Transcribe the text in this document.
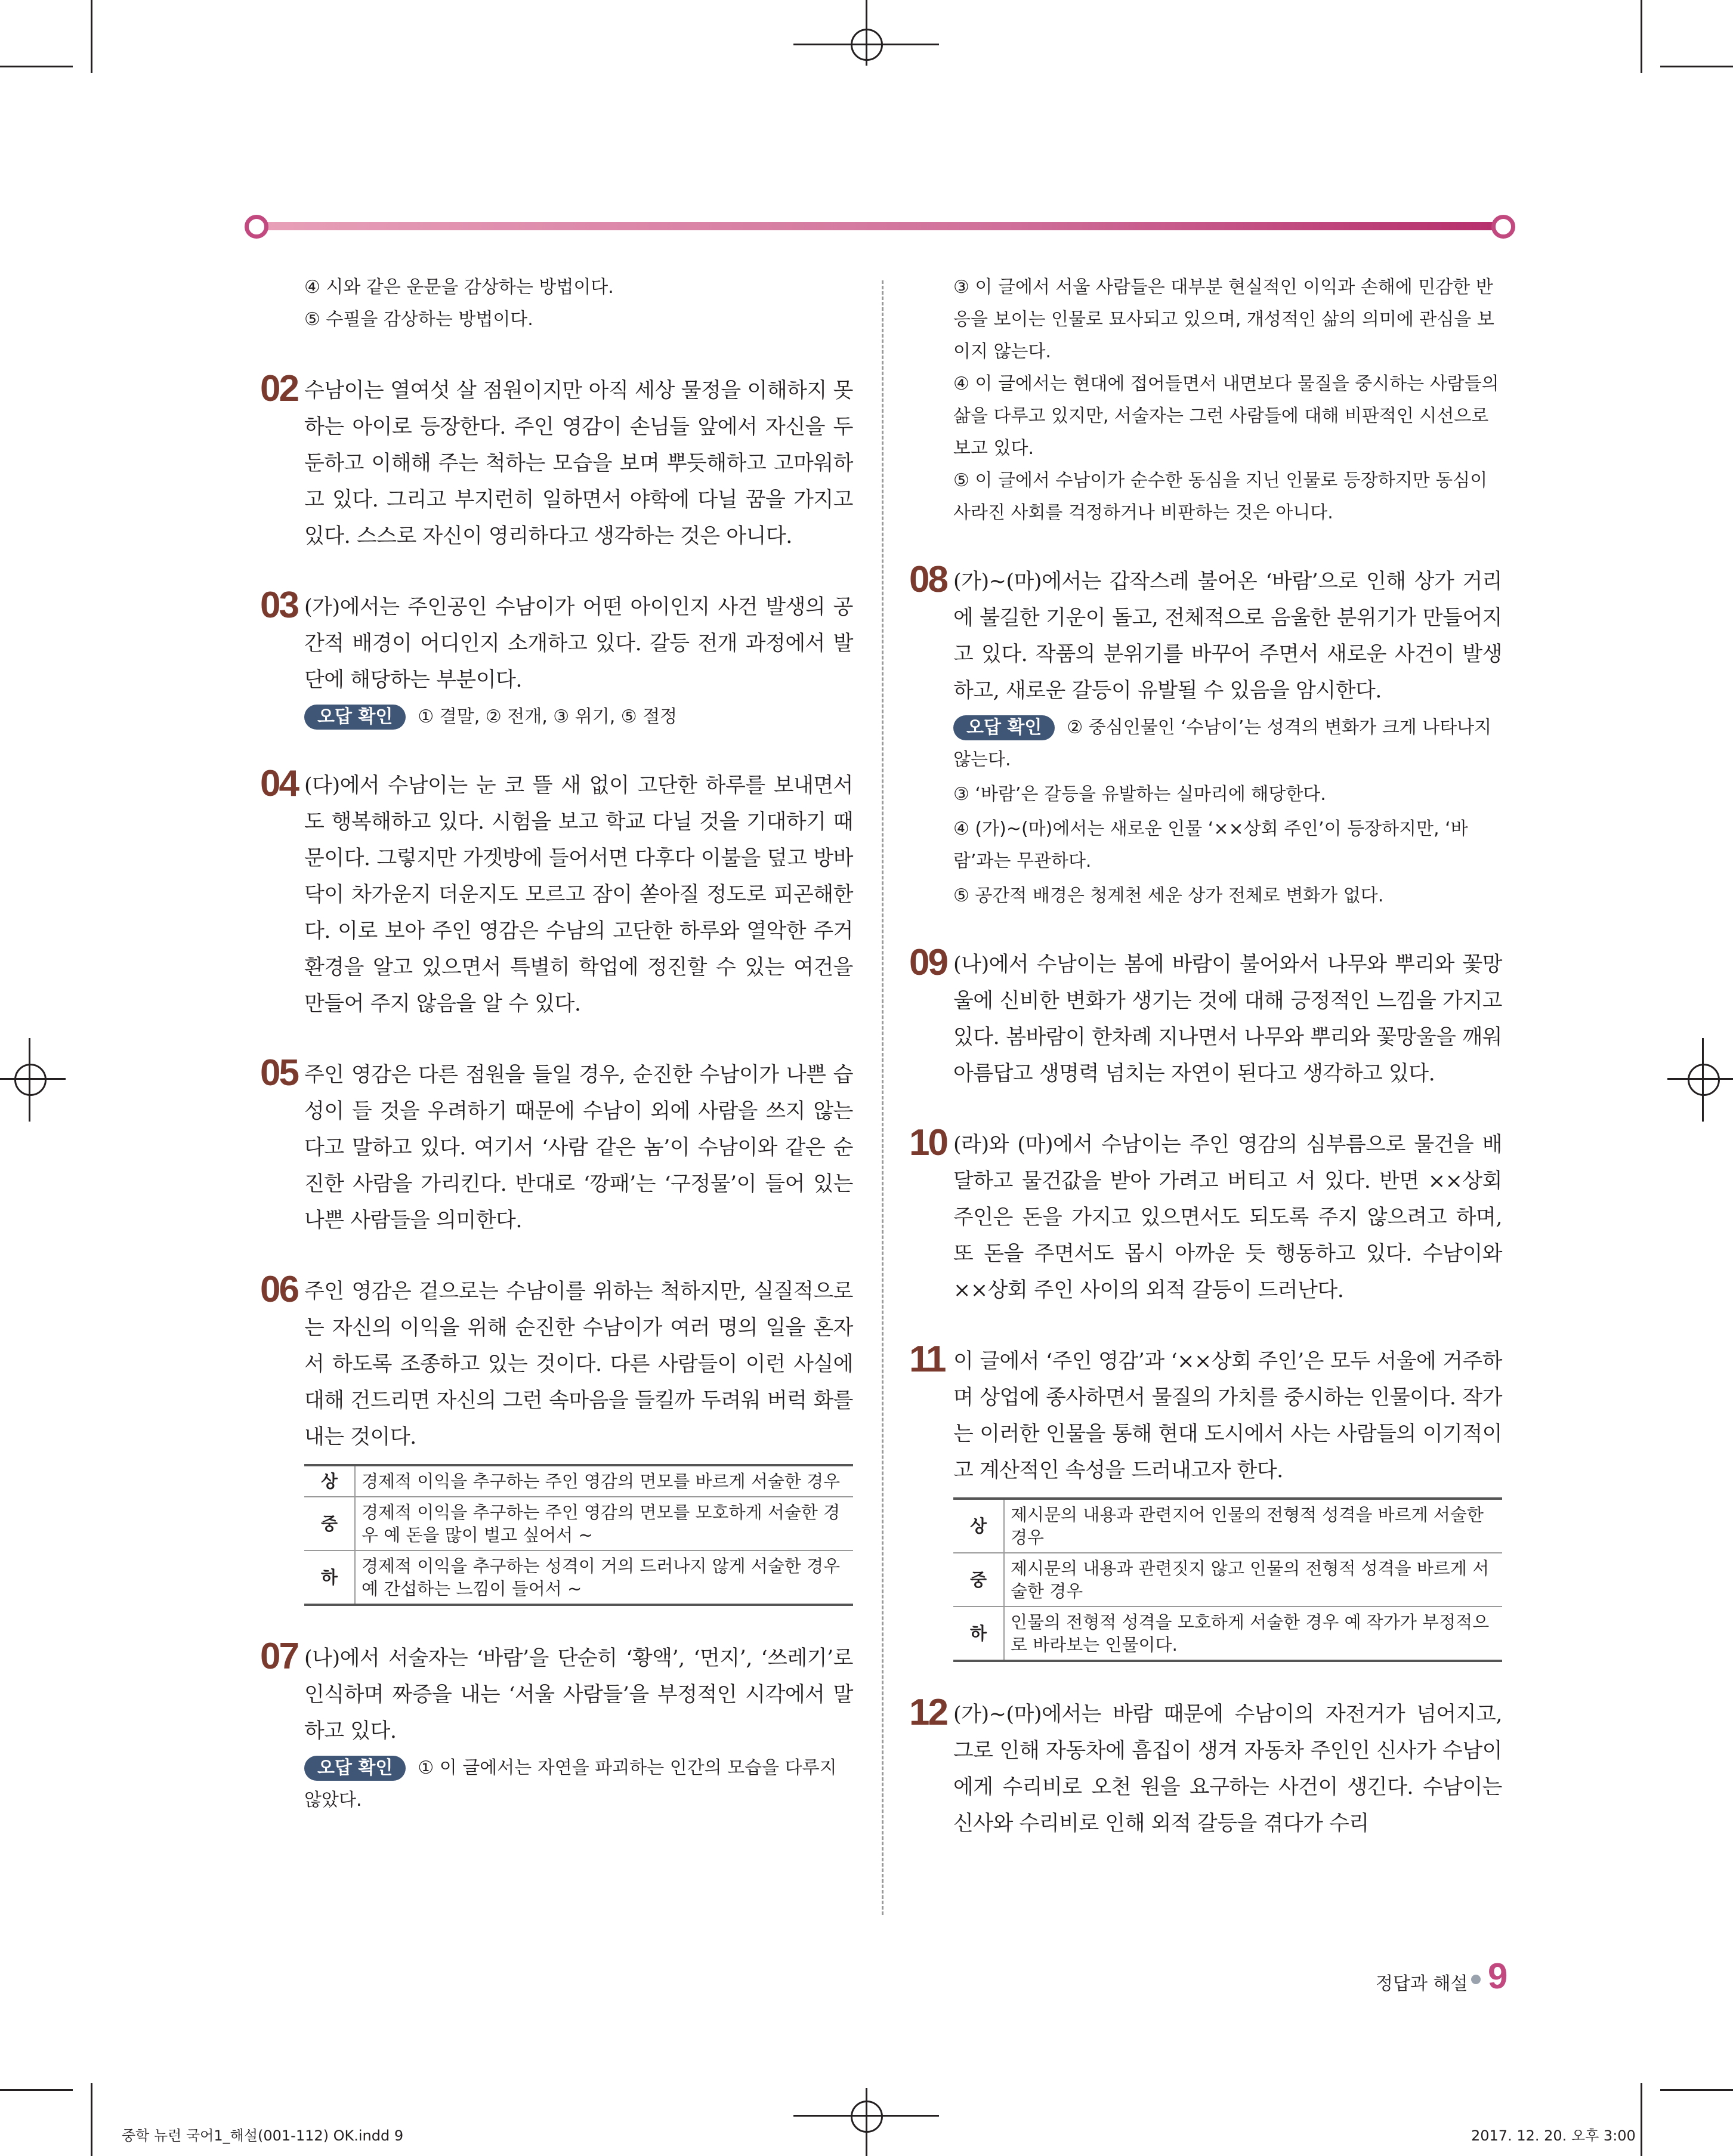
④ 시와 같은 운문을 감상하는 방법이다.
⑤ 수필을 감상하는 방법이다.
02 수남이는 열여섯 살 점원이지만 아직 세상 물정을 이해하지 못하는 아이로 등장한다. 주인 영감이 손님들 앞에서 자신을 두둔하고 이해해 주는 척하는 모습을 보며 뿌듯해하고 고마워하고 있다. 그리고 부지런히 일하면서 야학에 다닐 꿈을 가지고 있다. 스스로 자신이 영리하다고 생각하는 것은 아니다.
03 (가)에서는 주인공인 수남이가 어떤 아이인지 사건 발생의 공간적 배경이 어디인지 소개하고 있다. 갈등 전개 과정에서 발단에 해당하는 부분이다.
오답 확인 ① 결말, ② 전개, ③ 위기, ⑤ 절정
04 (다)에서 수남이는 눈 코 뜰 새 없이 고단한 하루를 보내면서도 행복해하고 있다. 시험을 보고 학교 다닐 것을 기대하기 때문이다. 그렇지만 가겟방에 들어서면 다후다 이불을 덮고 방바닥이 차가운지 더운지도 모르고 잠이 쏟아질 정도로 피곤해한다. 이로 보아 주인 영감은 수남의 고단한 하루와 열악한 주거 환경을 알고 있으면서 특별히 학업에 정진할 수 있는 여건을 만들어 주지 않음을 알 수 있다.
05 주인 영감은 다른 점원을 들일 경우, 순진한 수남이가 나쁜 습성이 들 것을 우려하기 때문에 수남이 외에 사람을 쓰지 않는다고 말하고 있다. 여기서 ‘사람 같은 놈’이 수남이와 같은 순진한 사람을 가리킨다. 반대로 ‘깡패’는 ‘구정물’이 들어 있는 나쁜 사람들을 의미한다.
06 주인 영감은 겉으로는 수남이를 위하는 척하지만, 실질적으로는 자신의 이익을 위해 순진한 수남이가 여러 명의 일을 혼자서 하도록 조종하고 있는 것이다. 다른 사람들이 이런 사실에 대해 건드리면 자신의 그런 속마음을 들킬까 두려워 버럭 화를 내는 것이다.
상	경제적 이익을 추구하는 주인 영감의 면모를 바르게 서술한 경우
중	경제적 이익을 추구하는 주인 영감의 면모를 모호하게 서술한 경우 예 돈을 많이 벌고 싶어서 ~
하	경제적 이익을 추구하는 성격이 거의 드러나지 않게 서술한 경우 예 간섭하는 느낌이 들어서 ~
07 (나)에서 서술자는 ‘바람’을 단순히 ‘황액’, ‘먼지’, ‘쓰레기’로 인식하며 짜증을 내는 ‘서울 사람들’을 부정적인 시각에서 말하고 있다.
오답 확인 ① 이 글에서는 자연을 파괴하는 인간의 모습을 다루지 않았다.
③ 이 글에서 서울 사람들은 대부분 현실적인 이익과 손해에 민감한 반응을 보이는 인물로 묘사되고 있으며, 개성적인 삶의 의미에 관심을 보이지 않는다.
④ 이 글에서는 현대에 접어들면서 내면보다 물질을 중시하는 사람들의 삶을 다루고 있지만, 서술자는 그런 사람들에 대해 비판적인 시선으로 보고 있다.
⑤ 이 글에서 수남이가 순수한 동심을 지닌 인물로 등장하지만 동심이 사라진 사회를 걱정하거나 비판하는 것은 아니다.
08 (가)~(마)에서는 갑작스레 불어온 ‘바람’으로 인해 상가 거리에 불길한 기운이 돌고, 전체적으로 음울한 분위기가 만들어지고 있다. 작품의 분위기를 바꾸어 주면서 새로운 사건이 발생하고, 새로운 갈등이 유발될 수 있음을 암시한다.
오답 확인 ② 중심인물인 ‘수남이’는 성격의 변화가 크게 나타나지 않는다.
③ ‘바람’은 갈등을 유발하는 실마리에 해당한다.
④ (가)~(마)에서는 새로운 인물 ‘××상회 주인’이 등장하지만, ‘바람’과는 무관하다.
⑤ 공간적 배경은 청계천 세운 상가 전체로 변화가 없다.
09 (나)에서 수남이는 봄에 바람이 불어와서 나무와 뿌리와 꽃망울에 신비한 변화가 생기는 것에 대해 긍정적인 느낌을 가지고 있다. 봄바람이 한차례 지나면서 나무와 뿌리와 꽃망울을 깨워 아름답고 생명력 넘치는 자연이 된다고 생각하고 있다.
10 (라)와 (마)에서 수남이는 주인 영감의 심부름으로 물건을 배달하고 물건값을 받아 가려고 버티고 서 있다. 반면 ××상회 주인은 돈을 가지고 있으면서도 되도록 주지 않으려고 하며, 또 돈을 주면서도 몹시 아까운 듯 행동하고 있다. 수남이와 ××상회 주인 사이의 외적 갈등이 드러난다.
11 이 글에서 ‘주인 영감’과 ‘××상회 주인’은 모두 서울에 거주하며 상업에 종사하면서 물질의 가치를 중시하는 인물이다. 작가는 이러한 인물을 통해 현대 도시에서 사는 사람들의 이기적이고 계산적인 속성을 드러내고자 한다.
상	제시문의 내용과 관련지어 인물의 전형적 성격을 바르게 서술한 경우
중	제시문의 내용과 관련짓지 않고 인물의 전형적 성격을 바르게 서술한 경우
하	인물의 전형적 성격을 모호하게 서술한 경우 예 작가가 부정적으로 바라보는 인물이다.
12 (가)~(마)에서는 바람 때문에 수남이의 자전거가 넘어지고, 그로 인해 자동차에 흠집이 생겨 자동차 주인인 신사가 수남이에게 수리비로 오천 원을 요구하는 사건이 생긴다. 수남이는 신사와 수리비로 인해 외적 갈등을 겪다가 수리
정답과 해설 9
중학 뉴런 국어1_해설(001-112) OK.indd 9	2017. 12. 20. 오후 3:00
